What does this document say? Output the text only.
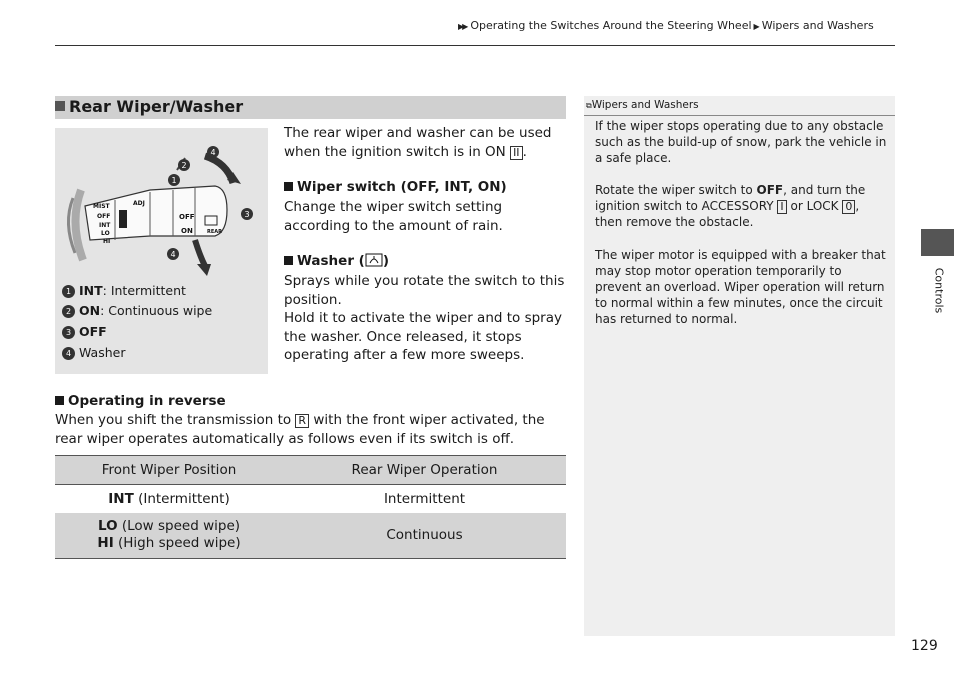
▶▶ Operating the Switches Around the Steering Wheel ▶ Wipers and Washers
Rear Wiper/Washer
MIST
OFF
INT
LO
HI
ADJ
OFF
ON	REAR
1
2
3
4
4
1 INT: Intermittent
2 ON: Continuous wipe
3 OFF
4 Washer
The rear wiper and washer can be used when the ignition switch is in ON II .
Wiper switch (OFF, INT, ON)
Change the wiper switch setting according to the amount of rain.
Washer ( )
Sprays while you rotate the switch to this position.
Hold it to activate the wiper and to spray the washer. Once released, it stops operating after a few more sweeps.
Operating in reverse
When you shift the transmission to R with the front wiper activated, the rear wiper operates automatically as follows even if its switch is off.
Front Wiper Position	Rear Wiper Operation
INT (Intermittent)	Intermittent
LO (Low speed wipe)
HI (High speed wipe)	Continuous
⧉Wipers and Washers
If the wiper stops operating due to any obstacle such as the build-up of snow, park the vehicle in a safe place.
Rotate the wiper switch to OFF, and turn the ignition switch to ACCESSORY I or LOCK 0 , then remove the obstacle.
The wiper motor is equipped with a breaker that may stop motor operation temporarily to prevent an overload. Wiper operation will return to normal within a few minutes, once the circuit has returned to normal.
Controls
129
